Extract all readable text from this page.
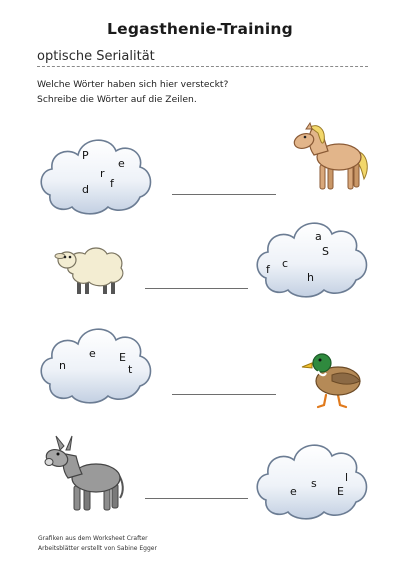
Legasthenie-Training
optische Serialität
Welche Wörter haben sich hier versteckt?
Schreibe die Wörter auf die Zeilen.
P
r
e
f
d
a
S
c
f
h
e
n
E
t
l
s
e	E
Grafiken aus dem Worksheet Crafter
Arbeitsblätter erstellt von Sabine Egger
